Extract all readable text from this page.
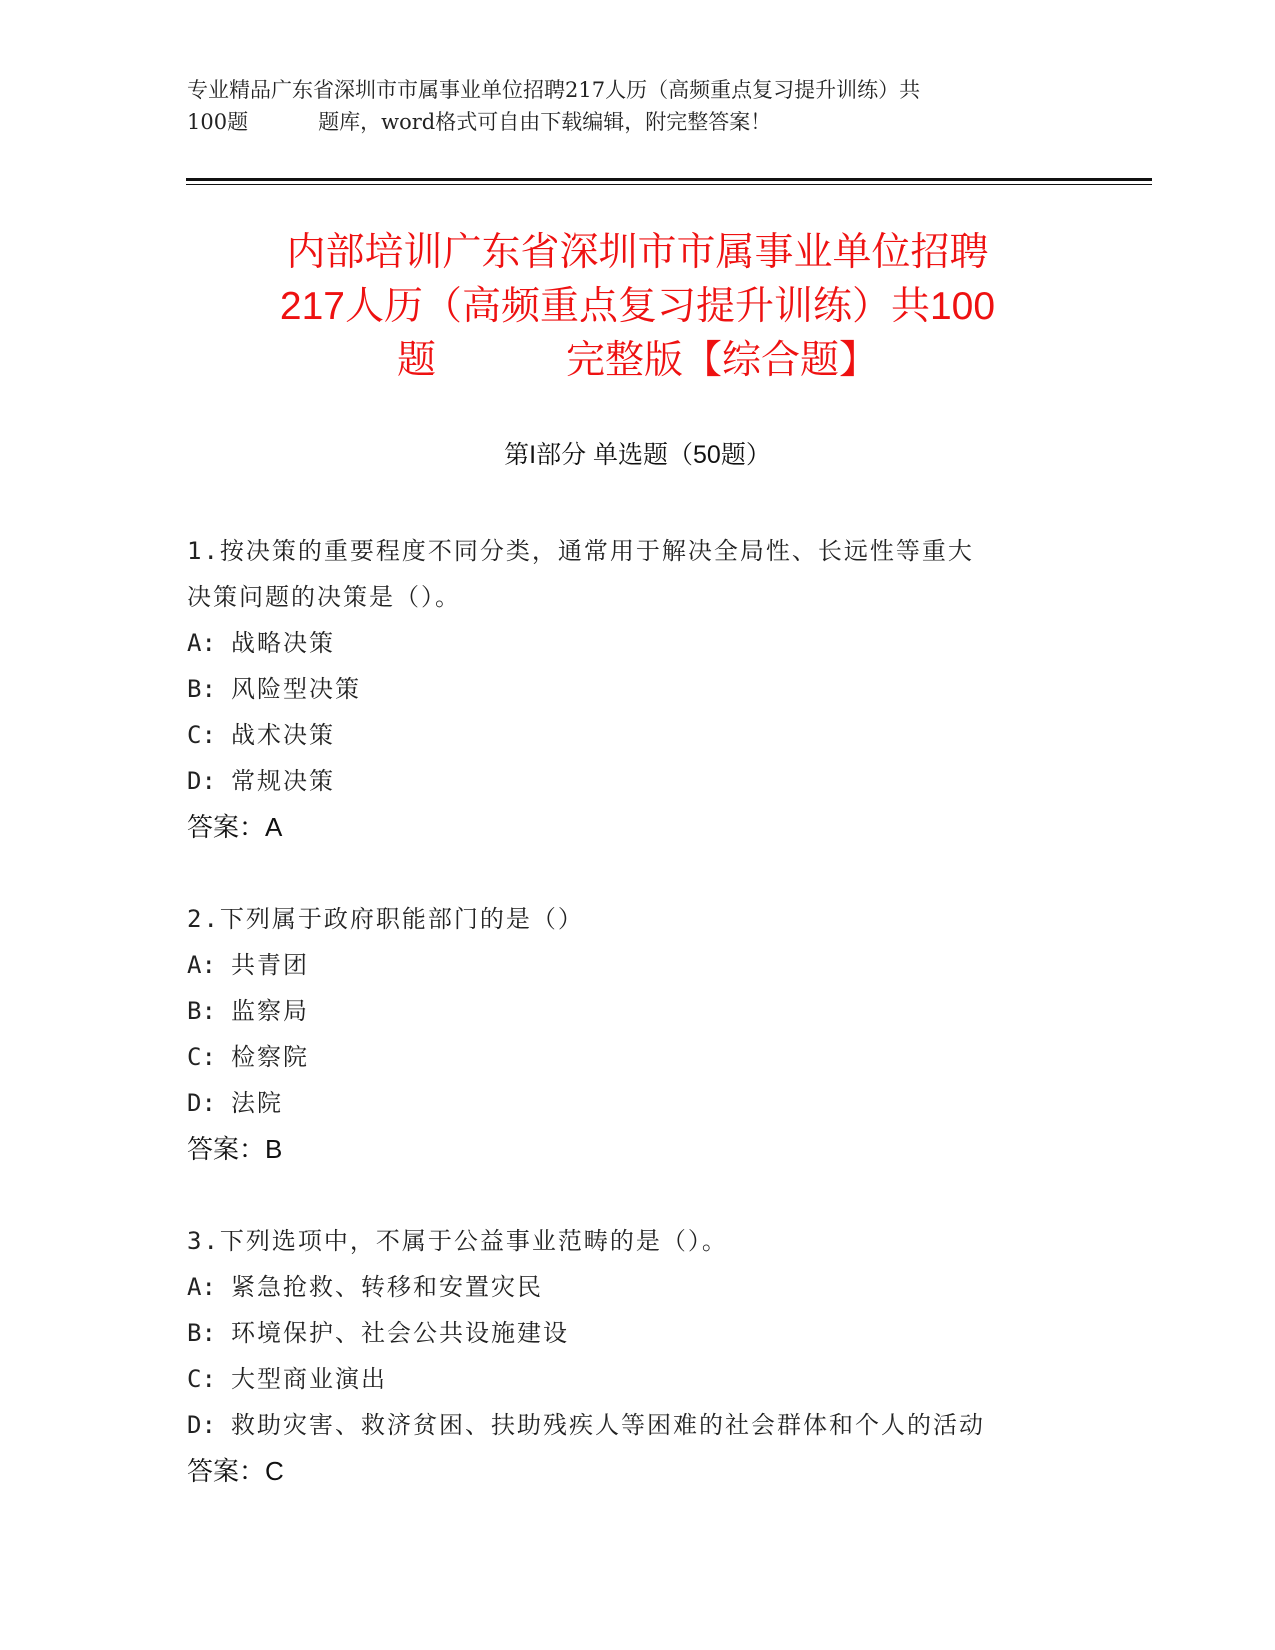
专业精品广东省深圳市市属事业单位招聘217人历（高频重点复习提升训练）共
100题	题库，word格式可自由下载编辑，附完整答案！
内部培训广东省深圳市市属事业单位招聘
217人历（高频重点复习提升训练）共100
题	完整版【综合题】
第I部分 单选题（50题）
1.按决策的重要程度不同分类，通常用于解决全局性、长远性等重大
决策问题的决策是（）。
A: 战略决策
B: 风险型决策
C: 战术决策
D: 常规决策
答案：A
2.下列属于政府职能部门的是（）
A: 共青团
B: 监察局
C: 检察院
D: 法院
答案：B
3.下列选项中，不属于公益事业范畴的是（）。
A: 紧急抢救、转移和安置灾民
B: 环境保护、社会公共设施建设
C: 大型商业演出
D: 救助灾害、救济贫困、扶助残疾人等困难的社会群体和个人的活动
答案：C
